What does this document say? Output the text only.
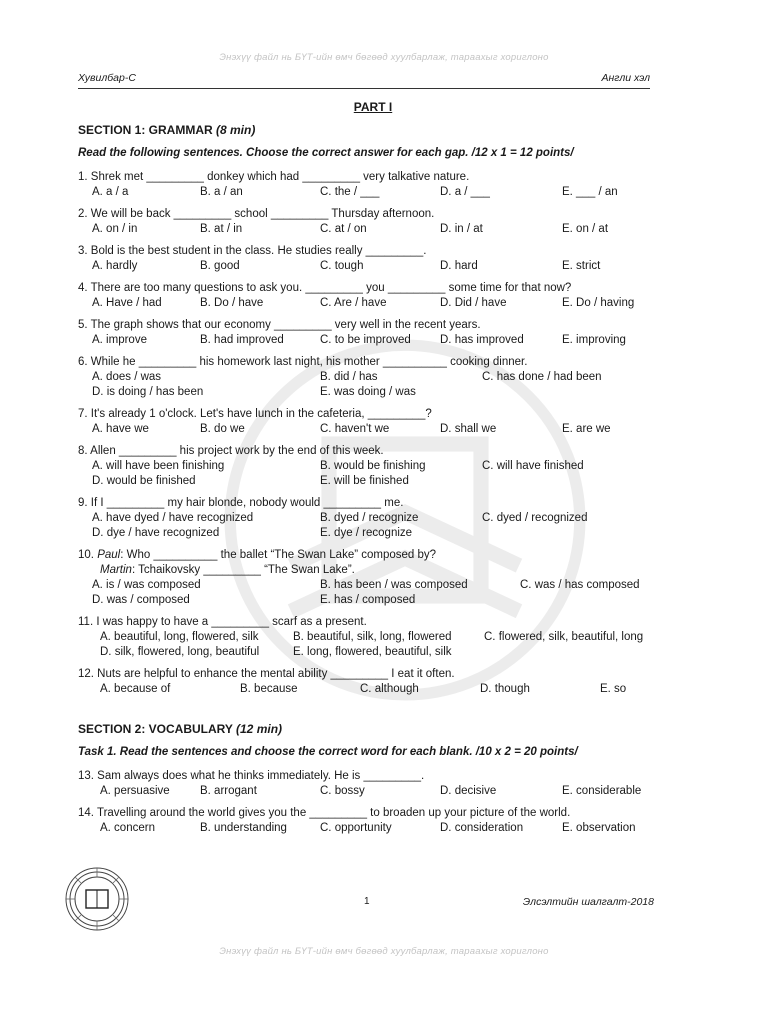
Энэхүү файл нь БҮТ-ийн өмч бөгөөд хуулбарлаж, тараахыг хориглоно
Хувилбар-С	Англи хэл
PART I
SECTION 1: GRAMMAR (8 min)
Read the following sentences. Choose the correct answer for each gap. /12 x 1 = 12 points/
1. Shrek met _________ donkey which had _________ very talkative nature.
A. a / a	B. a / an	C. the / ___	D. a / ___	E. ___ / an
2. We will be back _________ school _________ Thursday afternoon.
A. on / in	B. at / in	C. at / on	D. in / at	E. on / at
3. Bold is the best student in the class. He studies really _________.
A. hardly	B. good	C. tough	D. hard	E. strict
4. There are too many questions to ask you. _________ you _________ some time for that now?
A. Have / had	B. Do / have	C. Are / have	D. Did / have	E. Do / having
5. The graph shows that our economy _________ very well in the recent years.
A. improve	B. had improved	C. to be improved	D. has improved	E. improving
6. While he _________ his homework last night, his mother __________ cooking dinner.
A. does / was	B. did / has	C. has done / had been
D. is doing / has been	E. was doing / was
7. It's already 1 o'clock. Let's have lunch in the cafeteria, _________?
A. have we	B. do we	C. haven't we	D. shall we	E. are we
8. Allen _________ his project work by the end of this week.
A. will have been finishing	B. would be finishing	C. will have finished
D. would be finished	E. will be finished
9. If I _________ my hair blonde, nobody would _________ me.
A. have dyed / have recognized	B. dyed / recognize	C. dyed / recognized
D. dye / have recognized	E. dye / recognize
10. Paul: Who __________ the ballet “The Swan Lake” composed by?
Martin: Tchaikovsky _________ “The Swan Lake”.
A. is / was composed	B. has been / was composed	C. was / has composed
D. was / composed	E. has / composed
11. I was happy to have a _________ scarf as a present.
A. beautiful, long, flowered, silk	B. beautiful, silk, long, flowered	C. flowered, silk, beautiful, long
D. silk, flowered, long, beautiful	E. long, flowered, beautiful, silk
12. Nuts are helpful to enhance the mental ability _________ I eat it often.
A. because of	B. because	C. although	D. though	E. so
SECTION 2: VOCABULARY (12 min)
Task 1. Read the sentences and choose the correct word for each blank. /10 x 2 = 20 points/
13. Sam always does what he thinks immediately. He is _________.
A. persuasive	B. arrogant	C. bossy	D. decisive	E. considerable
14. Travelling around the world gives you the _________ to broaden up your picture of the world.
A. concern	B. understanding	C. opportunity	D. consideration	E. observation
1	Элсэлтийн шалгалт-2018
Энэхүү файл нь БҮТ-ийн өмч бөгөөд хуулбарлаж, тараахыг хориглоно
